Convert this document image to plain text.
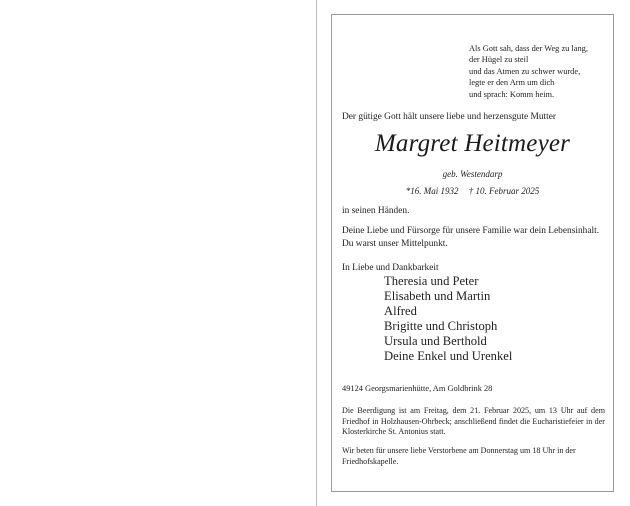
Als Gott sah, dass der Weg zu lang,
der Hügel zu steil
und das Atmen zu schwer wurde,
legte er den Arm um dich
und sprach: Komm heim.
Der gütige Gott hält unsere liebe und herzensgute Mutter
Margret Heitmeyer
geb. Westendarp
*16. Mai 1932 † 10. Februar 2025
in seinen Händen.
Deine Liebe und Fürsorge für unsere Familie war dein Lebensinhalt. Du warst unser Mittelpunkt.
In Liebe und Dankbarkeit
Theresia und Peter
Elisabeth und Martin
Alfred
Brigitte und Christoph
Ursula und Berthold
Deine Enkel und Urenkel
49124 Georgsmarienhütte, Am Goldbrink 28
Die Beerdigung ist am Freitag, dem 21. Februar 2025, um 13 Uhr auf dem Friedhof in Holzhausen-Ohrbeck; anschließend findet die Eucharistiefeier in der Klosterkirche St. Antonius statt.
Wir beten für unsere liebe Verstorbene am Donnerstag um 18 Uhr in der Friedhofskapelle.
